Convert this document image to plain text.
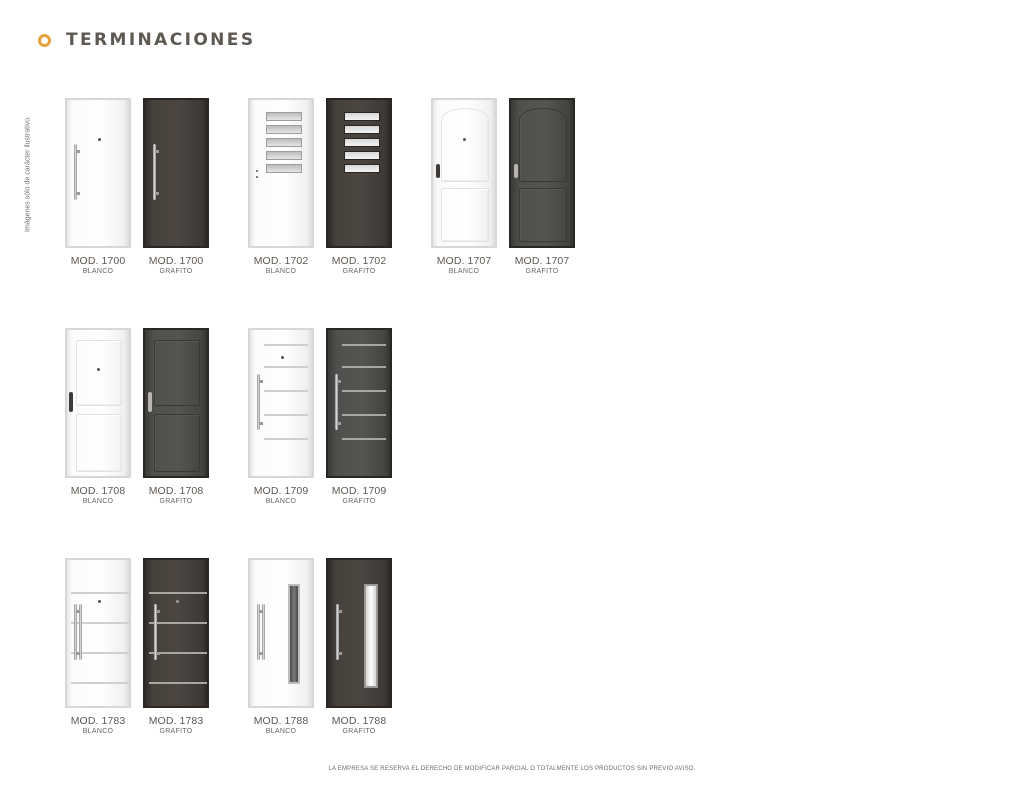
TERMINACIONES
Imágenes sólo de carácter ilustrativo.
MOD. 1700
BLANCO
MOD. 1700
GRAFITO
MOD. 1702
BLANCO
MOD. 1702
GRAFITO
MOD. 1707
BLANCO
MOD. 1707
GRAFITO
MOD. 1708
BLANCO
MOD. 1708
GRAFITO
MOD. 1709
BLANCO
MOD. 1709
GRAFITO
MOD. 1783
BLANCO
MOD. 1783
GRAFITO
MOD. 1788
BLANCO
MOD. 1788
GRAFITO
LA EMPRESA SE RESERVA EL DERECHO DE MODIFICAR PARCIAL O TOTALMENTE LOS PRODUCTOS SIN PREVIO AVISO.
